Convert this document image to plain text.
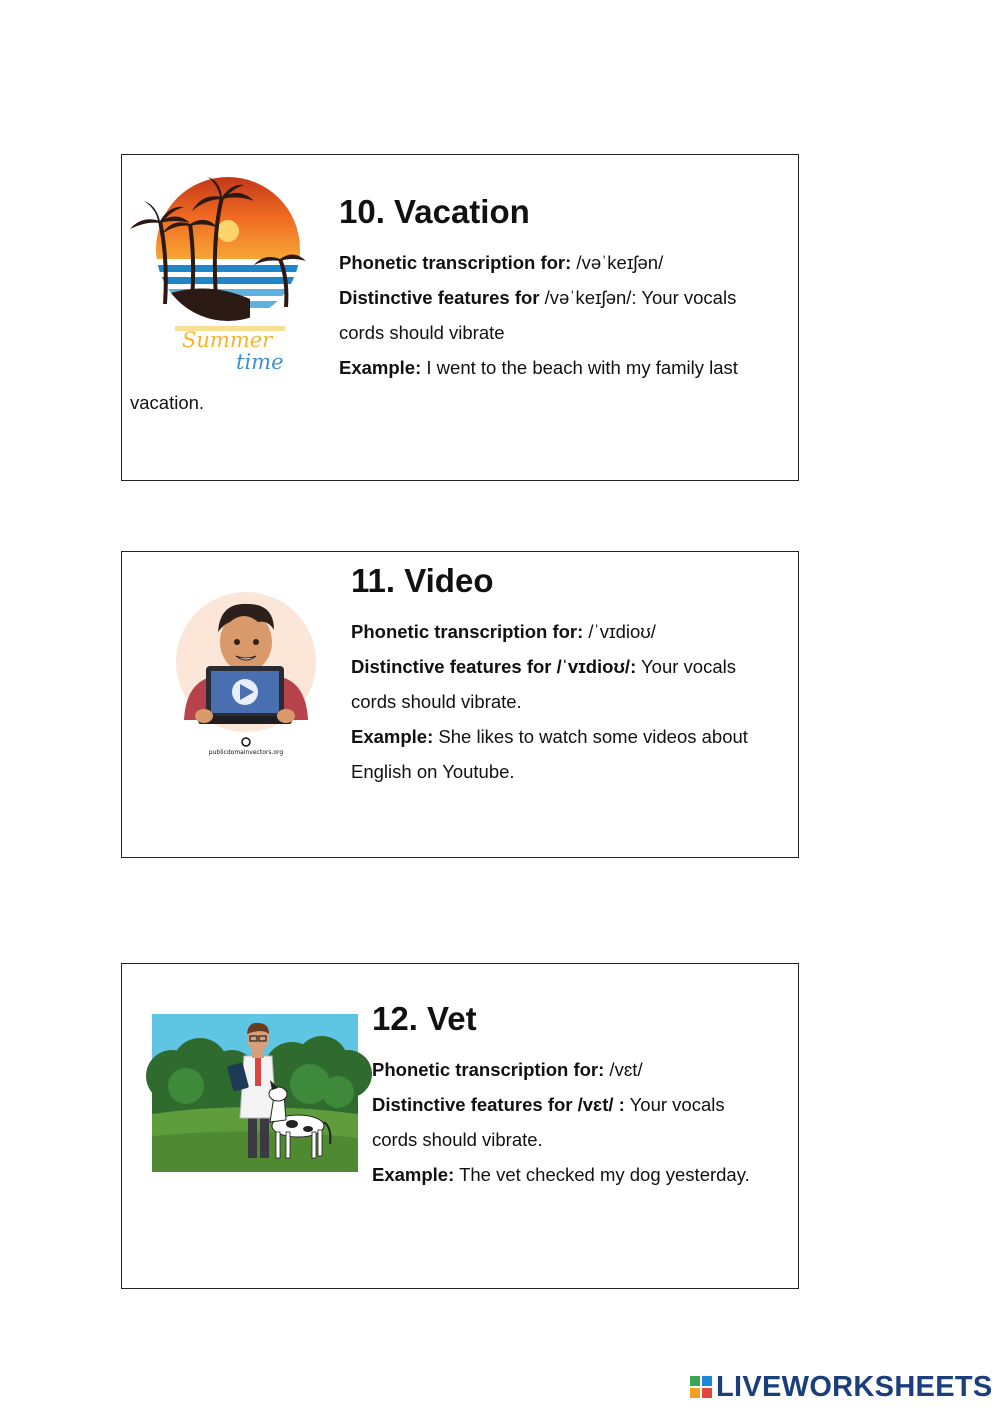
Summer
time
10. Vacation
Phonetic transcription for: /vəˈkeɪʃən/
Distinctive features for /vəˈkeɪʃən/: Your vocals
cords should vibrate
Example: I went to the beach with my family last
vacation.
publicdomainvectors.org
11. Video
Phonetic transcription for: /ˈvɪdioʊ/
Distinctive features for /ˈvɪdioʊ/: Your vocals
cords should vibrate.
Example: She likes to watch some videos about
English on Youtube.
12. Vet
Phonetic transcription for: /vɛt/
Distinctive features for /vɛt/ : Your vocals
cords should vibrate.
Example: The vet checked my dog yesterday.
LIVEWORKSHEETS
